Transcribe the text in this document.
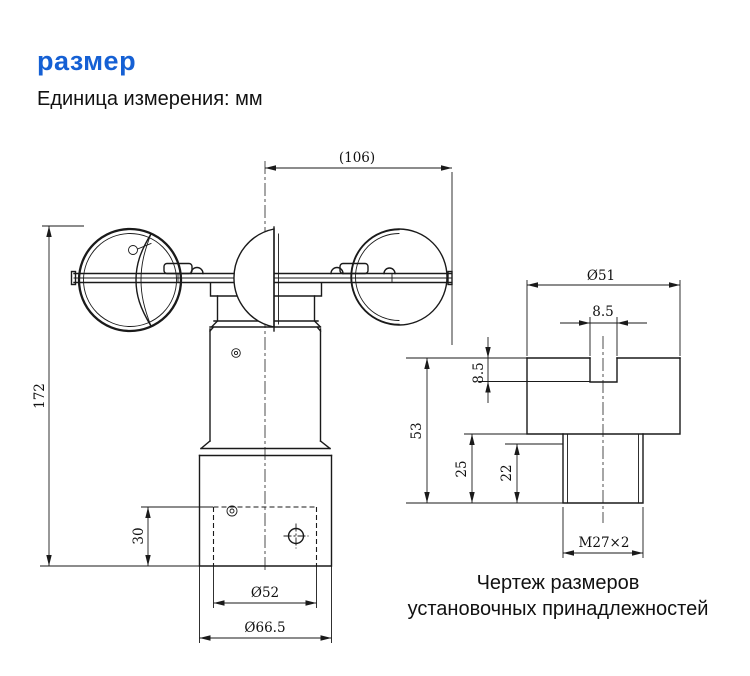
размер
Единица измерения: мм
(106)
172
30
Ø52
Ø66.5
Ø51
8.5
8.5
53
25 22
M27×2
Чертеж размеров
установочных принадлежностей
